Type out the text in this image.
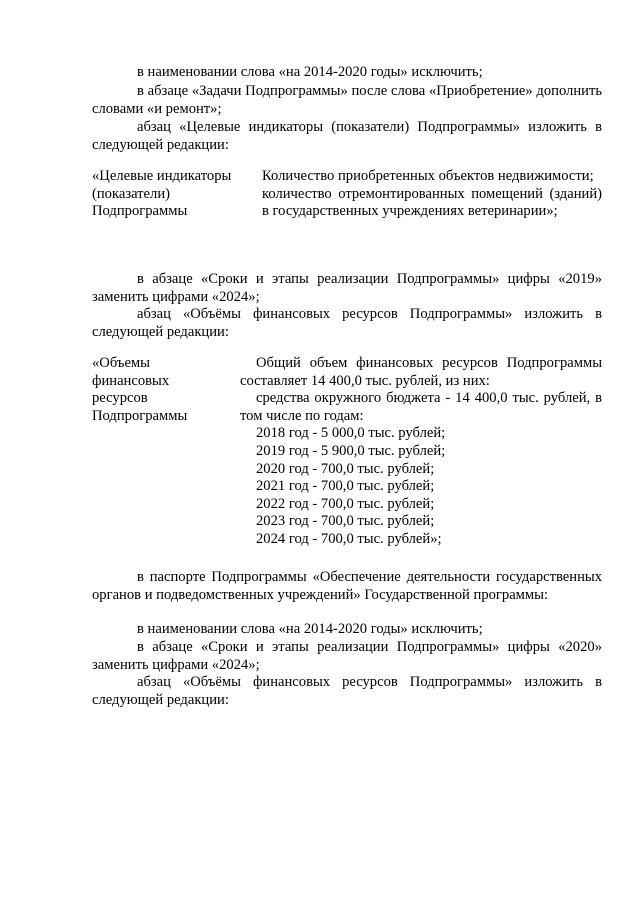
в наименовании слова «на 2014-2020 годы» исключить;

в абзаце «Задачи Подпрограммы» после слова «Приобретение» дополнить словами «и ремонт»;

абзац «Целевые индикаторы (показатели) Подпрограммы» изложить в следующей редакции:

«Целевые индикаторы
(показатели)
Подпрограммы
Количество приобретенных объектов недвижимости;
количество отремонтированных помещений (зданий) в государственных учреждениях ветеринарии»;

в абзаце «Сроки и этапы реализации Подпрограммы» цифры «2019» заменить цифрами «2024»;

абзац «Объёмы финансовых ресурсов Подпрограммы» изложить в следующей редакции:

«Объемы
финансовых
ресурсов
Подпрограммы
Общий объем финансовых ресурсов Подпрограммы составляет 14 400,0 тыс. рублей, из них:
средства окружного бюджета - 14 400,0 тыс. рублей, в том числе по годам:
2018 год - 5 000,0 тыс. рублей;
2019 год - 5 900,0 тыс. рублей;
2020 год - 700,0 тыс. рублей;
2021 год - 700,0 тыс. рублей;
2022 год - 700,0 тыс. рублей;
2023 год - 700,0 тыс. рублей;
2024 год - 700,0 тыс. рублей»;

в паспорте Подпрограммы «Обеспечение деятельности государственных органов и подведомственных учреждений» Государственной программы:

в наименовании слова «на 2014-2020 годы» исключить;

в абзаце «Сроки и этапы реализации Подпрограммы» цифры «2020» заменить цифрами «2024»;

абзац «Объёмы финансовых ресурсов Подпрограммы» изложить в следующей редакции:
